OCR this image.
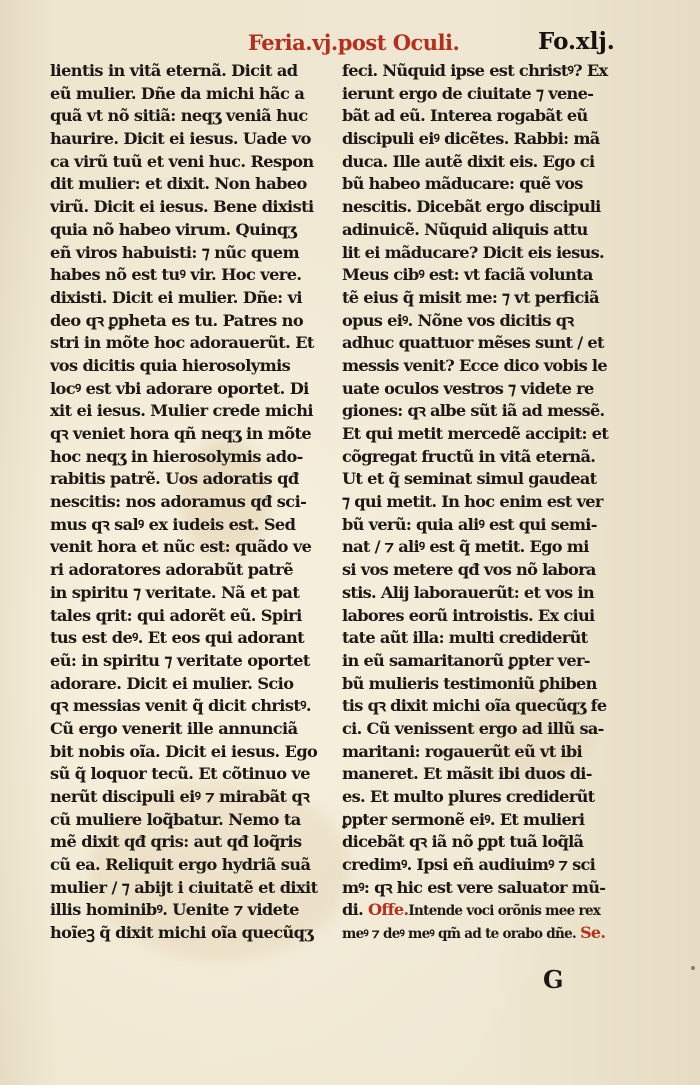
Feria.vj.post Oculi.	Fo.xlj.
lientis in vitã eternã. Dicit ad
eũ mulier. Dñe da michi hãc a
quã vt nõ sitiã: neqʒ veniã huc
haurire. Dicit ei iesus. Uade vo
ca virũ tuũ et veni huc. Respon
dit mulier: et dixit. Non habeo
virũ. Dicit ei iesus. Bene dixisti
quia nõ habeo virum. Quinqʒ
eñ viros habuisti: ⁊ nũc quem
habes nõ est tuꝰ vir. Hoc vere.
dixisti. Dicit ei mulier. Dñe: vi
deo qꝛ ꝑpheta es tu. Patres no
stri in mõte hoc adorauerũt. Et
vos dicitis quia hierosolymis
locꝰ est vbi adorare oportet. Di
xit ei iesus. Mulier crede michi
qꝛ veniet hora qñ neqʒ in mõte
hoc neqʒ in hierosolymis ado-
rabitis patrẽ. Uos adoratis qđ
nescitis: nos adoramus qđ sci-
mus qꝛ salꝰ ex iudeis est. Sed
venit hora et nũc est: quãdo ve
ri adoratores adorabũt patrẽ
in spiritu ⁊ veritate. Nã et pat
tales qrit: qui adorẽt eũ. Spiri
tus est deꝰ. Et eos qui adorant
eũ: in spiritu ⁊ veritate oportet
adorare. Dicit ei mulier. Scio
qꝛ messias venit q̃ dicit christꝰ.
Cũ ergo venerit ille annunciã
bit nobis oĩa. Dicit ei iesus. Ego
sũ q̃ loquor tecũ. Et cõtinuo ve
nerũt discipuli eiꝰ ⁊ mirabãt qꝛ
cũ muliere loq̃batur. Nemo ta
mẽ dixit qđ qris: aut qđ loq̃ris
cũ ea. Reliquit ergo hydriã suã
mulier / ⁊ abijt i ciuitatẽ et dixit
illis hominibꝰ. Uenite ⁊ videte
hoĩeꝫ q̃ dixit michi oĩa quecũqʒ
feci. Nũquid ipse est christꝰ? Ex
ierunt ergo de ciuitate ⁊ vene-
bãt ad eũ. Interea rogabãt eũ
discipuli eiꝰ dicẽtes. Rabbi: mã
duca. Ille autẽ dixit eis. Ego ci
bũ habeo mãducare: quẽ vos
nescitis. Dicebãt ergo discipuli
adinuicẽ. Nũquid aliquis attu
lit ei mãducare? Dicit eis iesus.
Meus cibꝰ est: vt faciã volunta
tẽ eius q̃ misit me: ⁊ vt perficiã
opus eiꝰ. Nõne vos dicitis qꝛ
adhuc quattuor mẽses sunt / et
messis venit? Ecce dico vobis le
uate oculos vestros ⁊ videte re
giones: qꝛ albe sũt iã ad messẽ.
Et qui metit mercedẽ accipit: et
cõgregat fructũ in vitã eternã.
Ut et q̃ seminat simul gaudeat
⁊ qui metit. In hoc enim est ver
bũ verũ: quia aliꝰ est qui semi-
nat / ⁊ aliꝰ est q̃ metit. Ego mi
si vos metere qđ vos nõ labora
stis. Alij laborauerũt: et vos in
labores eorũ introistis. Ex ciui
tate aũt illa: multi crediderũt
in eũ samaritanorũ ꝑpter ver-
bũ mulieris testimoniũ ꝑhiben
tis qꝛ dixit michi oĩa quecũqʒ fe
ci. Cũ venissent ergo ad illũ sa-
maritani: rogauerũt eũ vt ibi
maneret. Et mãsit ibi duos di-
es. Et multo plures crediderũt
ꝑpter sermonẽ eiꝰ. Et mulieri
dicebãt qꝛ iã nõ ꝑpt tuã loq̃lã
credimꝰ. Ipsi eñ audiuimꝰ ⁊ sci
mꝰ: qꝛ hic est vere saluator mũ-
di. Offe.Intende voci orõnis mee rex
meꝰ ⁊ deꝰ meꝰ qm̃ ad te orabo dñe. Se.
G
